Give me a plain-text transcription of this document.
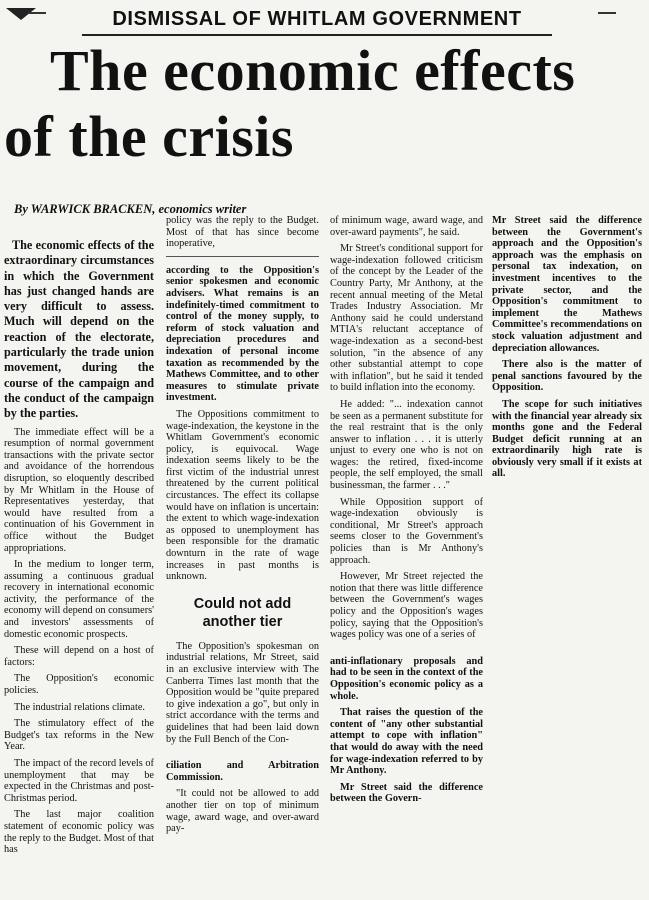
DISMISSAL OF WHITLAM GOVERNMENT
The economic effects
of the crisis
By WARWICK BRACKEN, economics writer

The economic effects of the extraordinary circumstances in which the Government has just changed hands are very difficult to assess. Much will depend on the reaction of the electorate, particularly the trade union movement, during the course of the campaign and the conduct of the campaign by the parties.

The immediate effect will be a resumption of normal government transactions with the private sector and avoidance of the horrendous disruption, so eloquently described by Mr Whitlam in the House of Representatives yesterday, that would have resulted from a continuation of his Government in office without the Budget appropriations.

In the medium to longer term, assuming a continuous gradual recovery in international economic activity, the performance of the economy will depend on consumers' and investors' assessments of domestic economic prospects.

These will depend on a host of factors:

The Opposition's economic policies.

The industrial relations climate.

The stimulatory effect of the Budget's tax reforms in the New Year.

The impact of the record levels of unemployment that may be expected in the Christmas and post-Christmas period.

The last major coalition statement of economic policy was the reply to the Budget. Most of that has

policy was the reply to the Budget. Most of that has since become inoperative,

according to the Opposition's senior spokesmen and economic advisers. What remains is an indefinitely-timed commitment to control of the money supply, to reform of stock valuation and depreciation procedures and indexation of personal income taxation as recommended by the Mathews Committee, and to other measures to stimulate private investment.

The Oppositions commitment to wage-indexation, the keystone in the Whitlam Government's economic policy, is equivocal. Wage indexation seems likely to be the first victim of the industrial unrest threatened by the current political circustances. The effect its collapse would have on inflation is uncertain: the extent to which wage-indexation as opposed to unemployment has been responsible for the dramatic downturn in the rate of wage increases in past months is unknown.

Could not add another tier

The Opposition's spokesman on industrial relations, Mr Street, said in an exclusive interview with The Canberra Times last month that the Opposition would be "quite prepared to give indexation a go", but only in strict accordance with the terms and guidelines that had been laid down by the Full Bench of the Con-

ciliation and Arbitration Commission.

"It could not be allowed to add another tier on top of minimum wage, award wage, and over-award pay-

of minimum wage, award wage, and over-award payments", he said.

Mr Street's conditional support for wage-indexation followed criticism of the concept by the Leader of the Country Party, Mr Anthony, at the recent annual meeting of the Metal Trades Industry Association. Mr Anthony said he could understand MTIA's reluctant acceptance of wage-indexation as a second-best solution, "in the absence of any other substantial attempt to cope with inflation", but he said it tended to build inflation into the economy.

He added: "... indexation cannot be seen as a permanent substitute for the real restraint that is the only answer to inflation . . . it is utterly unjust to every one who is not on wages: the retired, fixed-income people, the self employed, the small businessman, the farmer . . ."

While Opposition support of wage-indexation obviously is conditional, Mr Street's approach seems closer to the Government's policies than is Mr Anthony's approach.

However, Mr Street rejected the notion that there was little difference between the Government's wages policy and the Opposition's wages policy, saying that the Opposition's wages policy was one of a series of

anti-inflationary proposals and had to be seen in the context of the Opposition's economic policy as a whole.

That raises the question of the content of "any other substantial attempt to cope with inflation" that would do away with the need for wage-indexation referred to by Mr Anthony.

Mr Street said the difference between the Govern-

Mr Street said the difference between the Government's approach and the Opposition's approach was the emphasis on personal tax indexation, on investment incentives to the private sector, and the Opposition's commitment to implement the Mathews Committee's recommendations on stock valuation adjustment and depreciation allowances.

There also is the matter of penal sanctions favoured by the Opposition.

The scope for such initiatives with the financial year already six months gone and the Federal Budget deficit running at an extraordinarily high rate is obviously very small if it exists at all.
